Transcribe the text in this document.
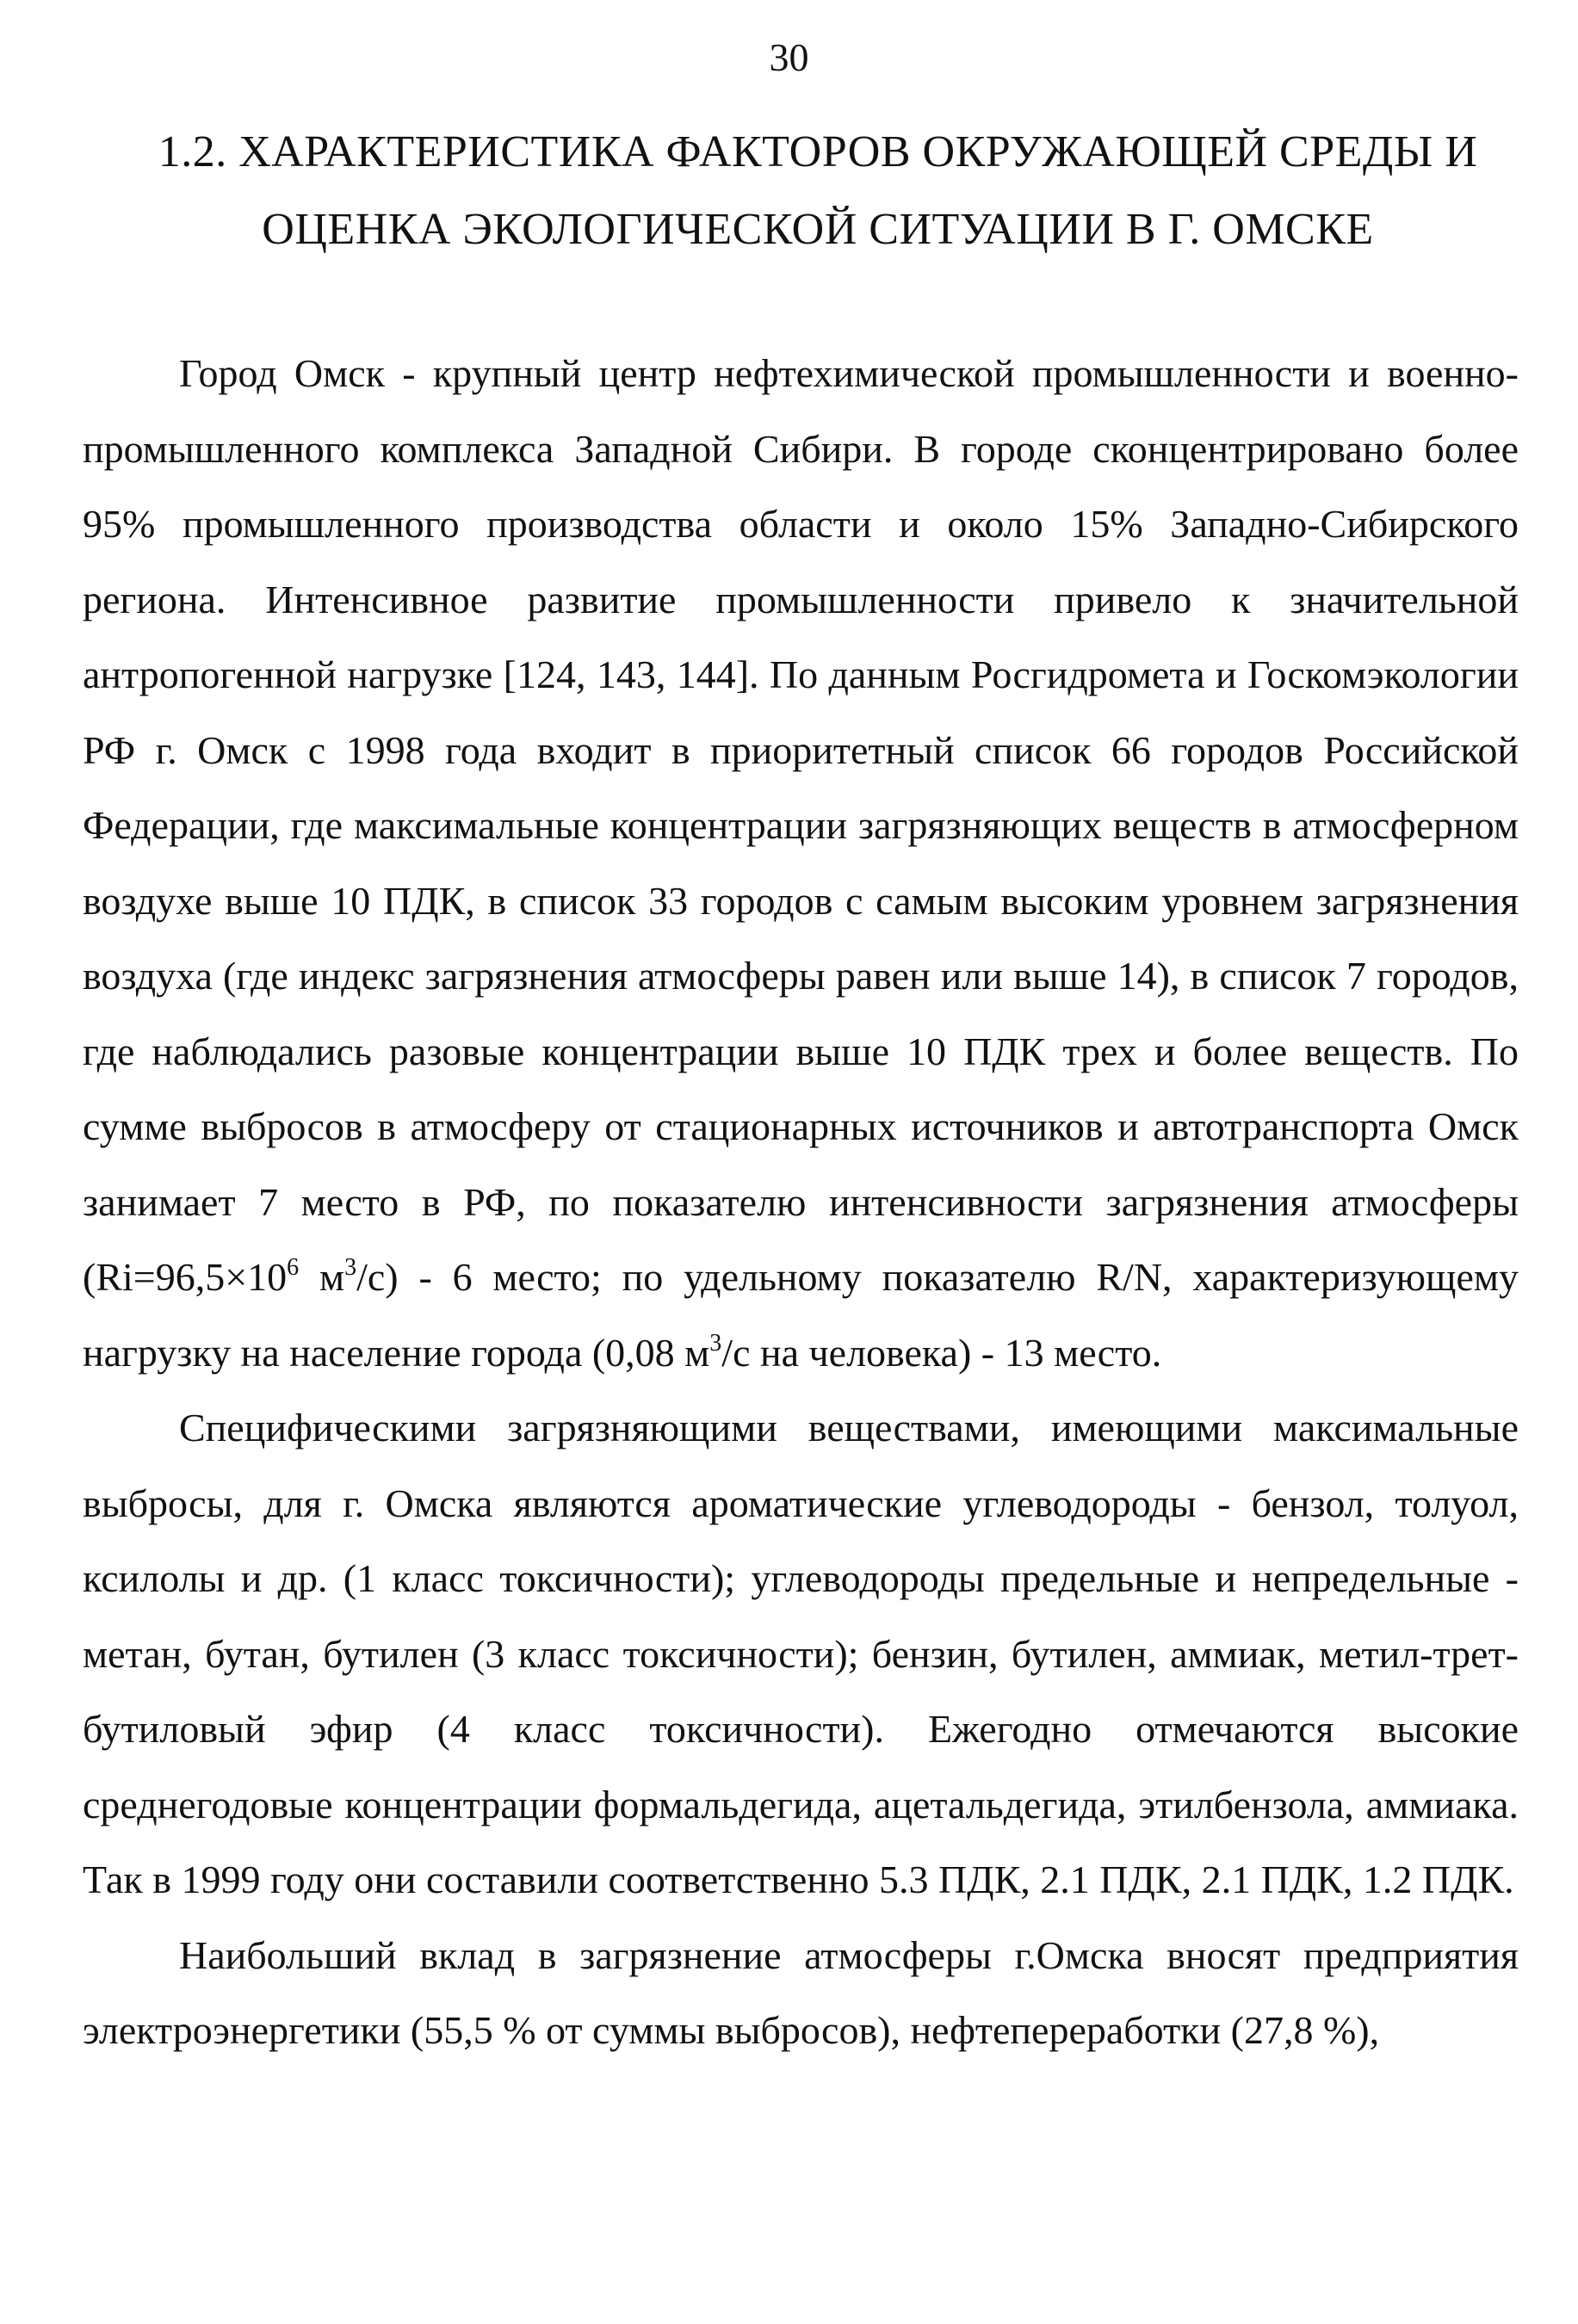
30
1.2. ХАРАКТЕРИСТИКА ФАКТОРОВ ОКРУЖАЮЩЕЙ СРЕДЫ И
ОЦЕНКА ЭКОЛОГИЧЕСКОЙ СИТУАЦИИ В Г. ОМСКЕ

Город Омск - крупный центр нефтехимической промышленности и военно-промышленного комплекса Западной Сибири. В городе сконцентрировано более 95% промышленного производства области и около 15% Западно-Сибирского региона. Интенсивное развитие промышленности привело к значительной антропогенной нагрузке [124, 143, 144]. По данным Росгидромета и Госкомэкологии РФ г. Омск с 1998 года входит в приоритетный список 66 городов Российской Федерации, где максимальные концентрации загрязняющих веществ в атмосферном воздухе выше 10 ПДК, в список 33 городов с самым высоким уровнем загрязнения воздуха (где индекс загрязнения атмосферы равен или выше 14), в список 7 городов, где наблюдались разовые концентрации выше 10 ПДК трех и более веществ. По сумме выбросов в атмосферу от стационарных источников и автотранспорта Омск занимает 7 место в РФ, по показателю интенсивности загрязнения атмосферы ($Ri=96,5\times 10^6$ $м^3/с) - 6$ место; по удельному показателю R/N, характеризующему нагрузку на население города (0,08 $м^3/с$ на человека) - 13 место.

Специфическими загрязняющими веществами, имеющими максимальные выбросы, для г. Омска являются ароматические углеводороды - бензол, толуол, ксилолы и др. (1 класс токсичности); углеводороды предельные и непредельные - метан, бутан, бутилен (3 класс токсичности); бензин, бутилен, аммиак, метил-трет-бутиловый эфир (4 класс токсичности). Ежегодно отмечаются высокие среднегодовые концентрации формальдегида, ацетальдегида, этилбензола, аммиака. Так в 1999 году они составили соответственно 5.3 ПДК, 2.1 ПДК, 2.1 ПДК, 1.2 ПДК.

Наибольший вклад в загрязнение атмосферы г.Омска вносят предприятия электроэнергетики (55,5 % от суммы выбросов), нефтепереработки (27,8 %),
